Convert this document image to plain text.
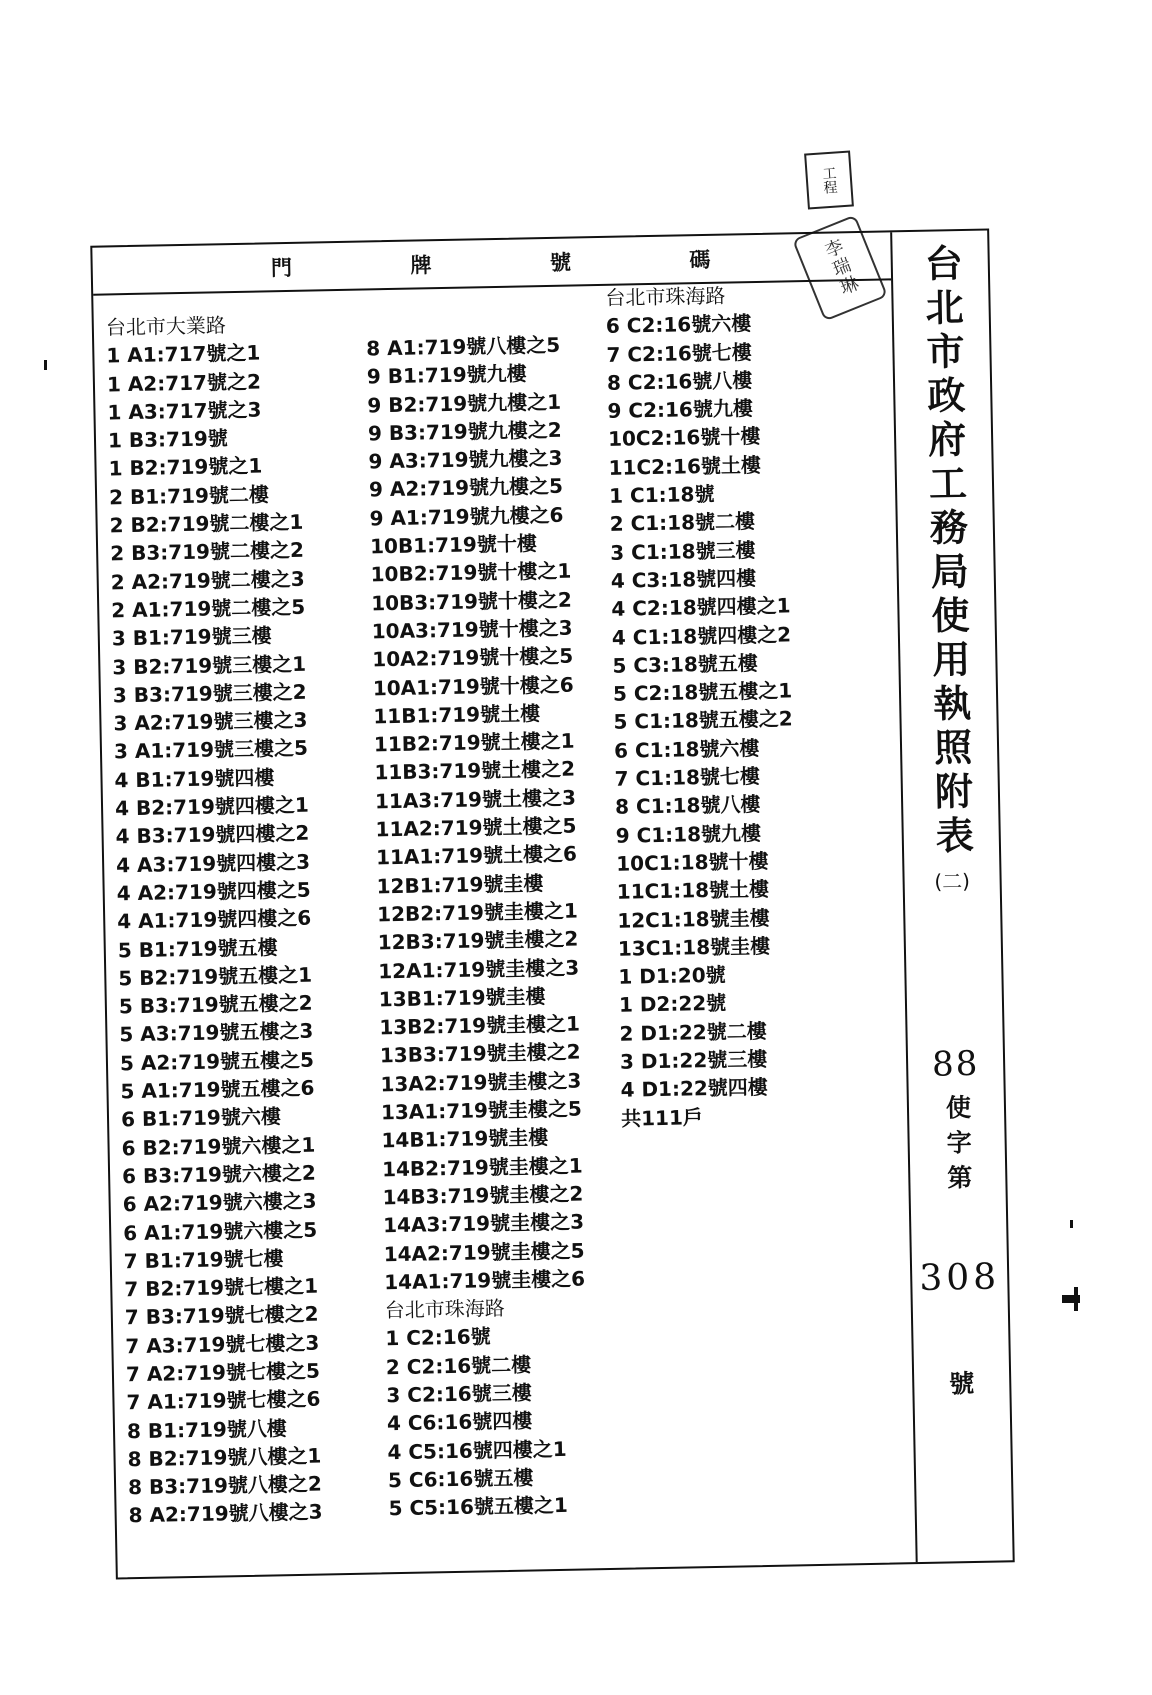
工程
李瑞琳
門	牌	號	碼	台北市政府工務局使用執照附表
(二)
88
使字第
308
號
台北市大業路
1 A1:717號之1
1 A2:717號之2
1 A3:717號之3
1 B3:719號
1 B2:719號之1
2 B1:719號二樓
2 B2:719號二樓之1
2 B3:719號二樓之2
2 A2:719號二樓之3
2 A1:719號二樓之5
3 B1:719號三樓
3 B2:719號三樓之1
3 B3:719號三樓之2
3 A2:719號三樓之3
3 A1:719號三樓之5
4 B1:719號四樓
4 B2:719號四樓之1
4 B3:719號四樓之2
4 A3:719號四樓之3
4 A2:719號四樓之5
4 A1:719號四樓之6
5 B1:719號五樓
5 B2:719號五樓之1
5 B3:719號五樓之2
5 A3:719號五樓之3
5 A2:719號五樓之5
5 A1:719號五樓之6
6 B1:719號六樓
6 B2:719號六樓之1
6 B3:719號六樓之2
6 A2:719號六樓之3
6 A1:719號六樓之5
7 B1:719號七樓
7 B2:719號七樓之1
7 B3:719號七樓之2
7 A3:719號七樓之3
7 A2:719號七樓之5
7 A1:719號七樓之6
8 B1:719號八樓
8 B2:719號八樓之1
8 B3:719號八樓之2
8 A2:719號八樓之3
8 A1:719號八樓之5
9 B1:719號九樓
9 B2:719號九樓之1
9 B3:719號九樓之2
9 A3:719號九樓之3
9 A2:719號九樓之5
9 A1:719號九樓之6
10B1:719號十樓
10B2:719號十樓之1
10B3:719號十樓之2
10A3:719號十樓之3
10A2:719號十樓之5
10A1:719號十樓之6
11B1:719號土樓
11B2:719號土樓之1
11B3:719號土樓之2
11A3:719號土樓之3
11A2:719號土樓之5
11A1:719號土樓之6
12B1:719號圭樓
12B2:719號圭樓之1
12B3:719號圭樓之2
12A1:719號圭樓之3
13B1:719號圭樓
13B2:719號圭樓之1
13B3:719號圭樓之2
13A2:719號圭樓之3
13A1:719號圭樓之5
14B1:719號圭樓
14B2:719號圭樓之1
14B3:719號圭樓之2
14A3:719號圭樓之3
14A2:719號圭樓之5
14A1:719號圭樓之6
台北市珠海路
1 C2:16號
2 C2:16號二樓
3 C2:16號三樓
4 C6:16號四樓
4 C5:16號四樓之1
5 C6:16號五樓
5 C5:16號五樓之1
台北市珠海路
6 C2:16號六樓
7 C2:16號七樓
8 C2:16號八樓
9 C2:16號九樓
10C2:16號十樓
11C2:16號土樓
1 C1:18號
2 C1:18號二樓
3 C1:18號三樓
4 C3:18號四樓
4 C2:18號四樓之1
4 C1:18號四樓之2
5 C3:18號五樓
5 C2:18號五樓之1
5 C1:18號五樓之2
6 C1:18號六樓
7 C1:18號七樓
8 C1:18號八樓
9 C1:18號九樓
10C1:18號十樓
11C1:18號土樓
12C1:18號圭樓
13C1:18號圭樓
1 D1:20號
1 D2:22號
2 D1:22號二樓
3 D1:22號三樓
4 D1:22號四樓
共111戶
